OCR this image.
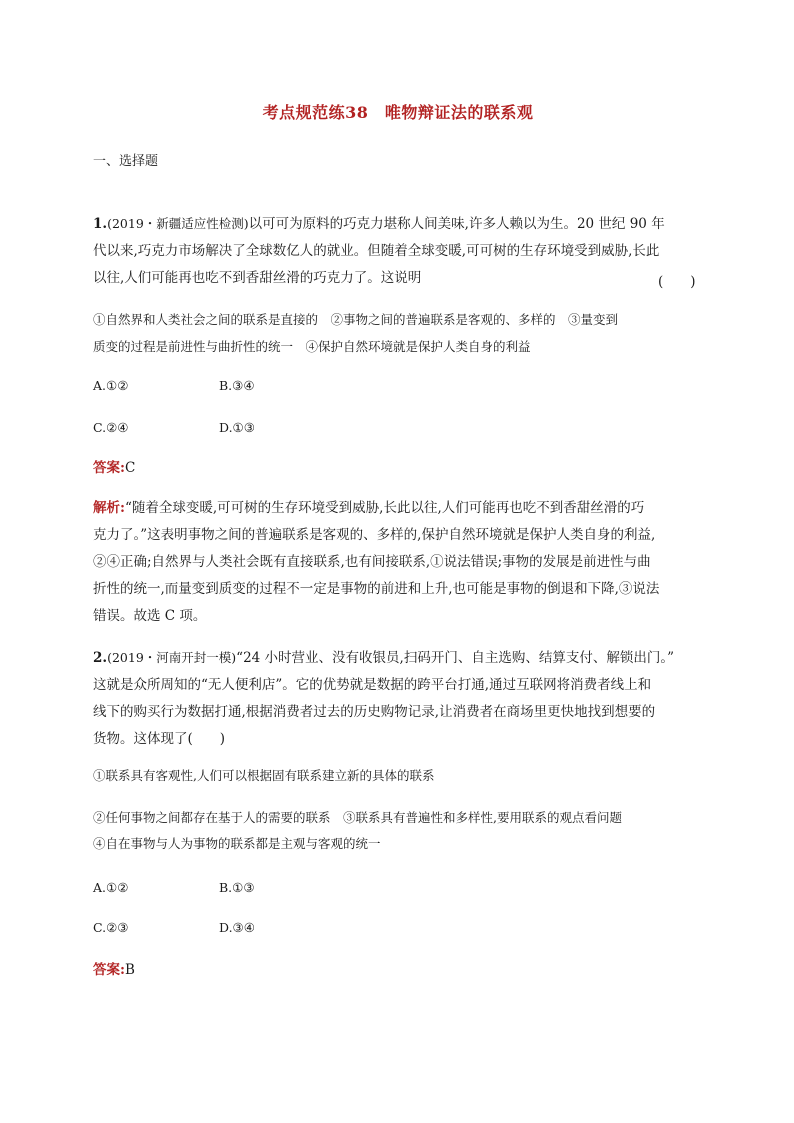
考点规范练38　唯物辩证法的联系观
一、选择题
1.(2019・新疆适应性检测)以可可为原料的巧克力堪称人间美味,许多人赖以为生。20 世纪 90 年
代以来,巧克力市场解决了全球数亿人的就业。但随着全球变暖,可可树的生存环境受到威胁,长此
以往,人们可能再也吃不到香甜丝滑的巧克力了。这说明	(　　)
①自然界和人类社会之间的联系是直接的　②事物之间的普遍联系是客观的、多样的　③量变到
质变的过程是前进性与曲折性的统一　④保护自然环境就是保护人类自身的利益
A.①②	B.③④
C.②④	D.①③
答案:C
解析:“随着全球变暖,可可树的生存环境受到威胁,长此以往,人们可能再也吃不到香甜丝滑的巧
克力了。”这表明事物之间的普遍联系是客观的、多样的,保护自然环境就是保护人类自身的利益,
②④正确;自然界与人类社会既有直接联系,也有间接联系,①说法错误;事物的发展是前进性与曲
折性的统一,而量变到质变的过程不一定是事物的前进和上升,也可能是事物的倒退和下降,③说法
错误。故选 C 项。
2.(2019・河南开封一模)“24 小时营业、没有收银员,扫码开门、自主选购、结算支付、解锁出门。”
这就是众所周知的“无人便利店”。它的优势就是数据的跨平台打通,通过互联网将消费者线上和
线下的购买行为数据打通,根据消费者过去的历史购物记录,让消费者在商场里更快地找到想要的
货物。这体现了(　　)
①联系具有客观性,人们可以根据固有联系建立新的具体的联系
②任何事物之间都存在基于人的需要的联系　③联系具有普遍性和多样性,要用联系的观点看问题
④自在事物与人为事物的联系都是主观与客观的统一
A.①②	B.①③
C.②③	D.③④
答案:B
